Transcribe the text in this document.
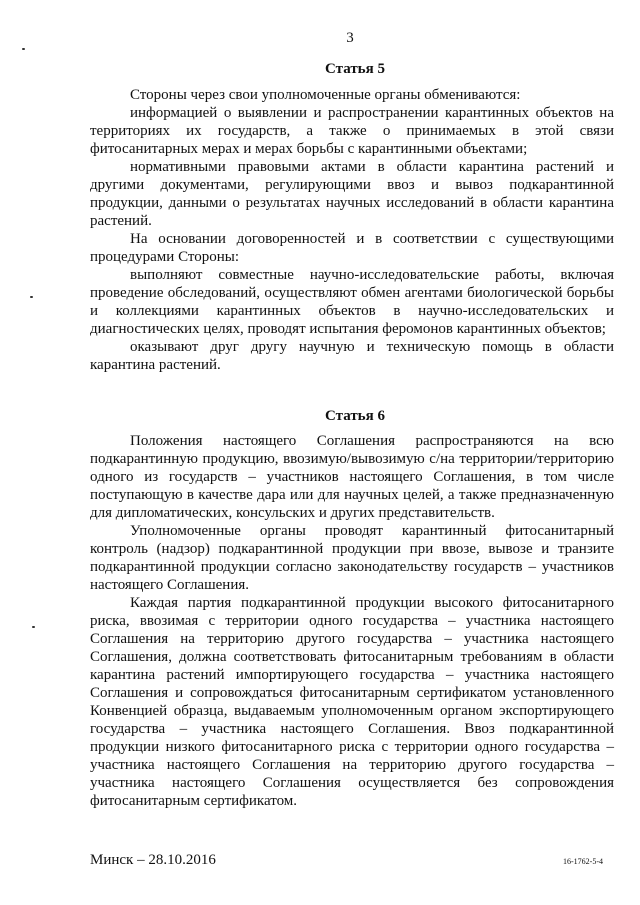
3
Статья 5

Стороны через свои уполномоченные органы обмениваются:

информацией о выявлении и распространении карантинных объектов на территориях их государств, а также о принимаемых в этой связи фитосанитарных мерах и мерах борьбы с карантинными объектами;

нормативными правовыми актами в области карантина растений и другими документами, регулирующими ввоз и вывоз подкарантинной продукции, данными о результатах научных исследований в области карантина растений.

На основании договоренностей и в соответствии с существующими процедурами Стороны:

выполняют совместные научно-исследовательские работы, включая проведение обследований, осуществляют обмен агентами биологической борьбы и коллекциями карантинных объектов в научно-исследовательских и диагностических целях, проводят испытания феромонов карантинных объектов;

оказывают друг другу научную и техническую помощь в области карантина растений.

Статья 6

Положения настоящего Соглашения распространяются на всю подкарантинную продукцию, ввозимую/вывозимую с/на территории/территорию одного из государств – участников настоящего Соглашения, в том числе поступающую в качестве дара или для научных целей, а также предназначенную для дипломатических, консульских и других представительств.

Уполномоченные органы проводят карантинный фитосанитарный контроль (надзор) подкарантинной продукции при ввозе, вывозе и транзите подкарантинной продукции согласно законодательству государств – участников настоящего Соглашения.

Каждая партия подкарантинной продукции высокого фитосанитарного риска, ввозимая с территории одного государства – участника настоящего Соглашения на территорию другого государства – участника настоящего Соглашения, должна соответствовать фитосанитарным требованиям в области карантина растений импортирующего государства – участника настоящего Соглашения и сопровождаться фитосанитарным сертификатом установленного Конвенцией образца, выдаваемым уполномоченным органом экспортирующего государства – участника настоящего Соглашения. Ввоз подкарантинной продукции низкого фитосанитарного риска с территории одного государства – участника настоящего Соглашения на территорию другого государства – участника настоящего Соглашения осуществляется без сопровождения фитосанитарным сертификатом.

Минск – 28.10.2016	16-1762-5-4
